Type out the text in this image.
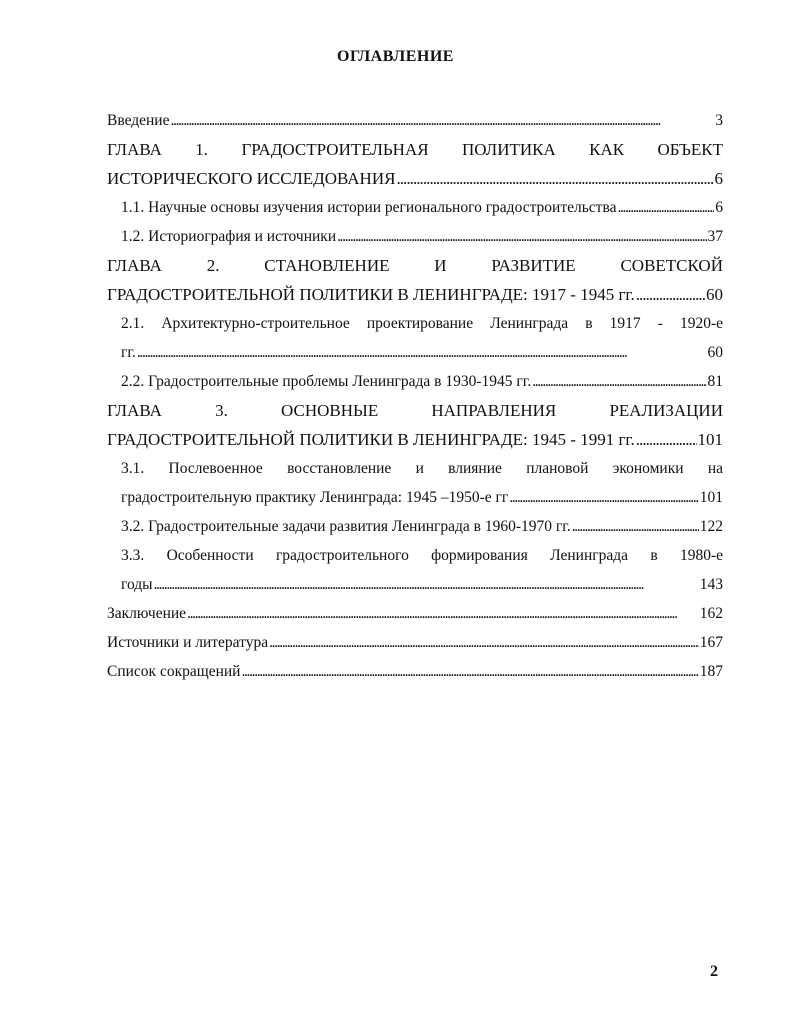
ОГЛАВЛЕНИЕ
Введение . . .	3
ГЛАВА 1. ГРАДОСТРОИТЕЛЬНАЯ ПОЛИТИКА КАК ОБЪЕКТ
ИСТОРИЧЕСКОГО ИССЛЕДОВАНИЯ . . .	6
1.1. Научные основы изучения истории регионального градостроительства . . .	6
1.2. Историография и источники . . .	37
ГЛАВА 2. СТАНОВЛЕНИЕ И РАЗВИТИЕ СОВЕТСКОЙ
ГРАДОСТРОИТЕЛЬНОЙ ПОЛИТИКИ В ЛЕНИНГРАДЕ: 1917 - 1945 гг. . . .	60
2.1. Архитектурно-строительное проектирование Ленинграда в 1917 - 1920-е
гг. . . .	60
2.2. Градостроительные проблемы Ленинграда в 1930-1945 гг. . . .	81
ГЛАВА 3. ОСНОВНЫЕ НАПРАВЛЕНИЯ РЕАЛИЗАЦИИ
ГРАДОСТРОИТЕЛЬНОЙ ПОЛИТИКИ В ЛЕНИНГРАДЕ: 1945 - 1991 гг. . . .	101
3.1. Послевоенное восстановление и влияние плановой экономики на
градостроительную практику Ленинграда: 1945 –1950-е гг . . .	101
3.2. Градостроительные задачи развития Ленинграда в 1960-1970 гг. . . .	122
3.3. Особенности градостроительного формирования Ленинграда в 1980-е
годы . . .	143
Заключение . . .	162
Источники и литература . . .	167
Список сокращений . . .	187
2
